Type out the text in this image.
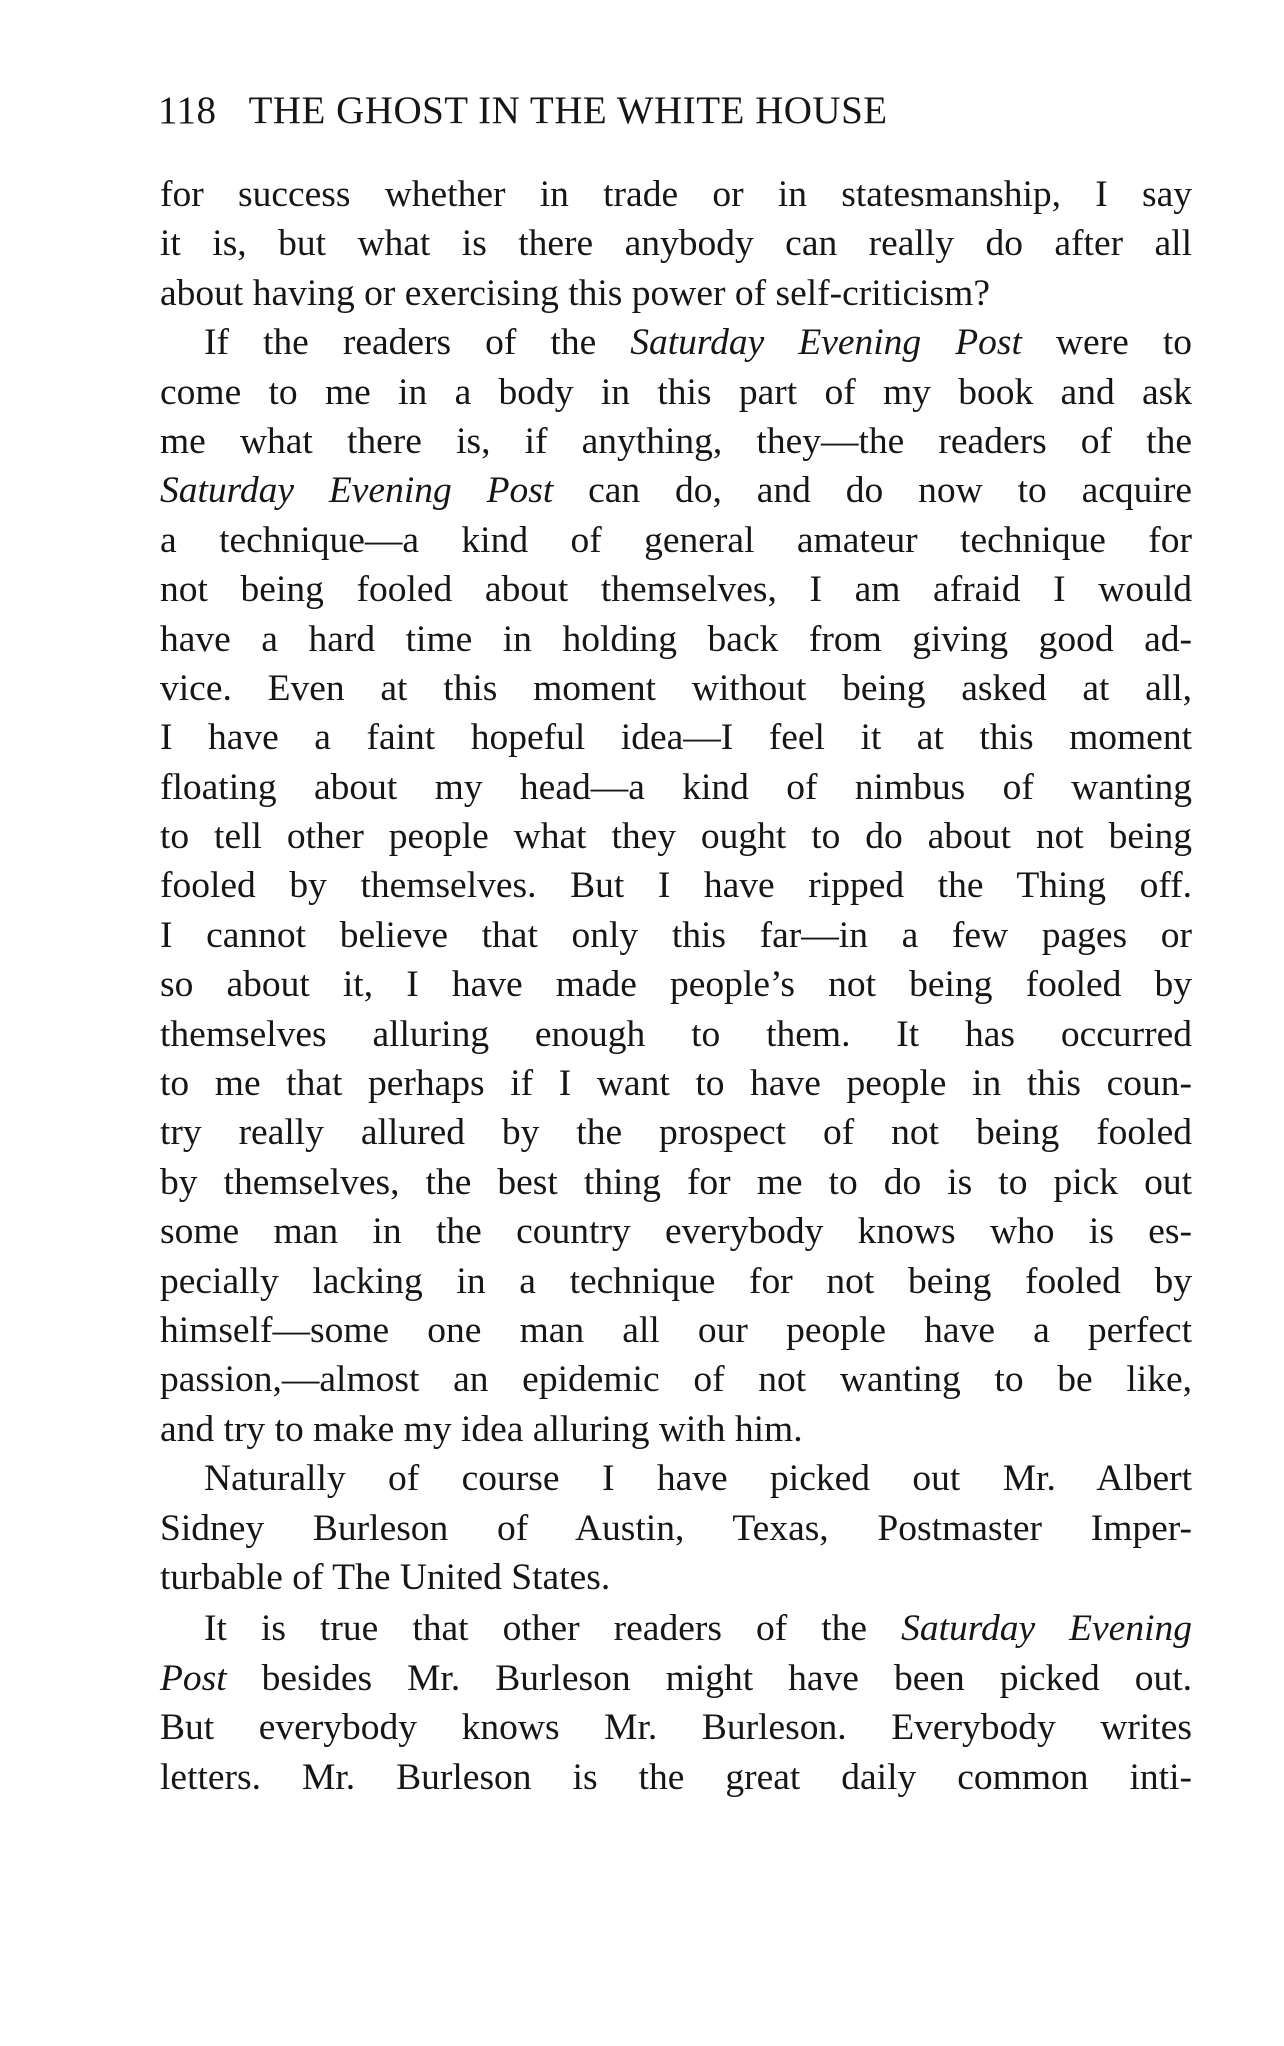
118 THE GHOST IN THE WHITE HOUSE
for success whether in trade or in statesmanship, I say
it is, but what is there anybody can really do after all
about having or exercising this power of self-criticism?
If the readers of the Saturday Evening Post were to
come to me in a body in this part of my book and ask
me what there is, if anything, they—the readers of the
Saturday Evening Post can do, and do now to acquire
a technique—a kind of general amateur technique for
not being fooled about themselves, I am afraid I would
have a hard time in holding back from giving good ad-
vice. Even at this moment without being asked at all,
I have a faint hopeful idea—I feel it at this moment
floating about my head—a kind of nimbus of wanting
to tell other people what they ought to do about not being
fooled by themselves. But I have ripped the Thing off.
I cannot believe that only this far—in a few pages or
so about it, I have made people’s not being fooled by
themselves alluring enough to them. It has occurred
to me that perhaps if I want to have people in this coun-
try really allured by the prospect of not being fooled
by themselves, the best thing for me to do is to pick out
some man in the country everybody knows who is es-
pecially lacking in a technique for not being fooled by
himself—some one man all our people have a perfect
passion,—almost an epidemic of not wanting to be like,
and try to make my idea alluring with him.
Naturally of course I have picked out Mr. Albert
Sidney Burleson of Austin, Texas, Postmaster Imper-
turbable of The United States.
It is true that other readers of the Saturday Evening
Post besides Mr. Burleson might have been picked out.
But everybody knows Mr. Burleson. Everybody writes
letters. Mr. Burleson is the great daily common inti-
